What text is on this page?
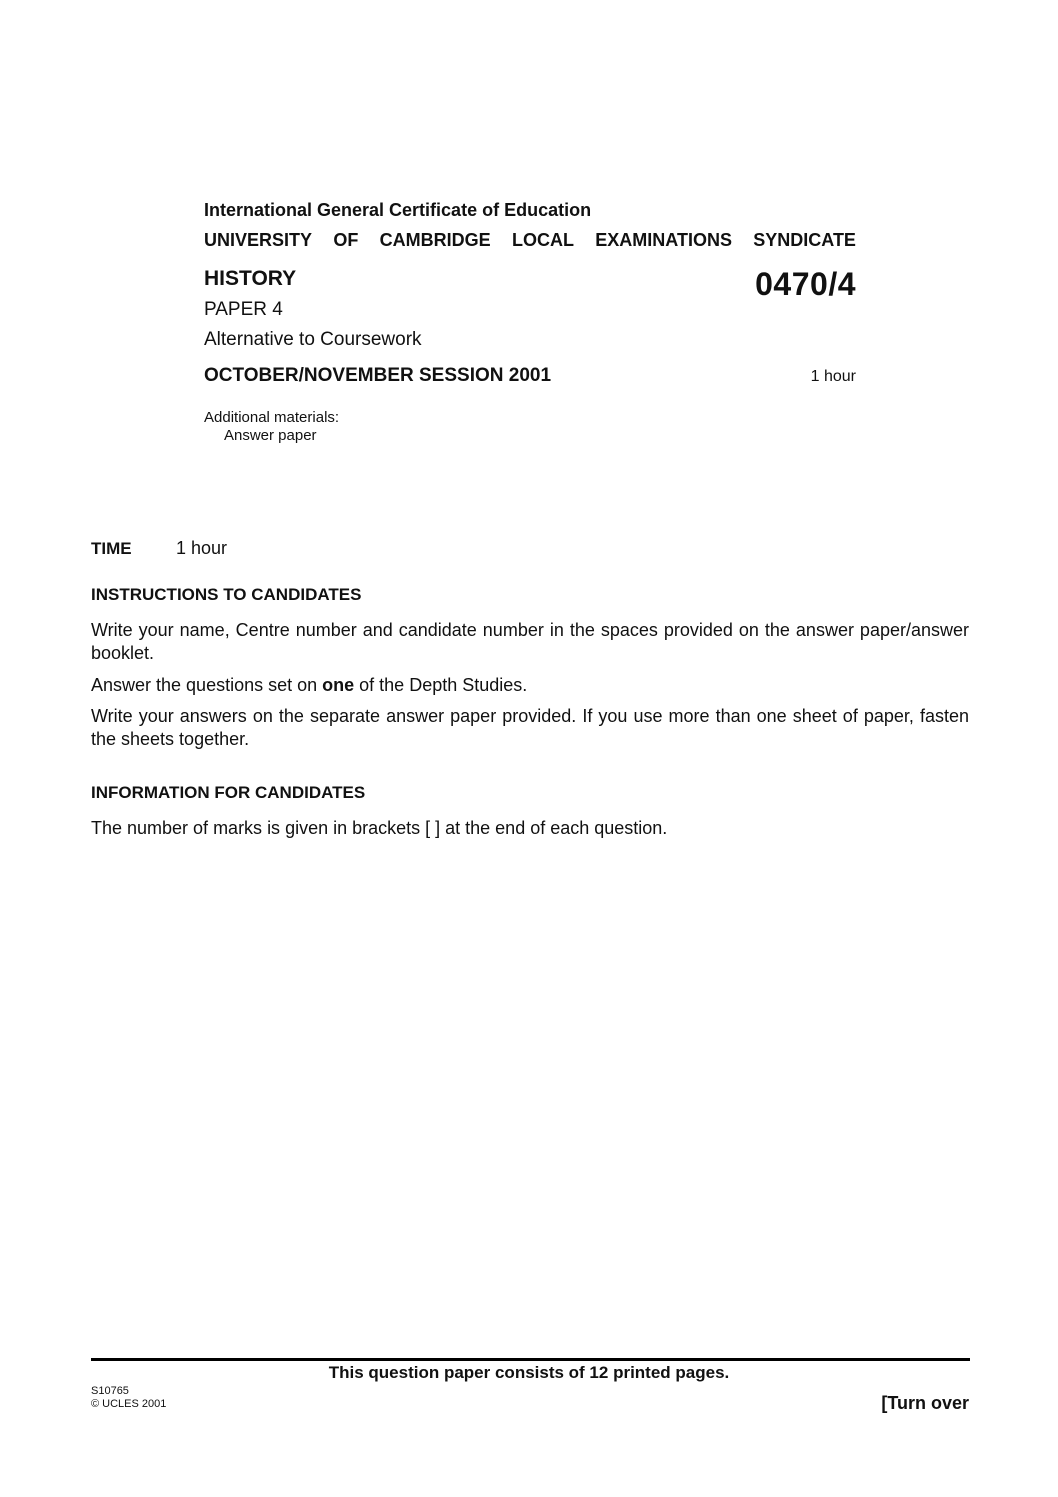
International General Certificate of Education
UNIVERSITY OF CAMBRIDGE LOCAL EXAMINATIONS SYNDICATE
HISTORY	0470/4
PAPER 4
Alternative to Coursework
OCTOBER/NOVEMBER SESSION 2001	1 hour
Additional materials:
Answer paper
TIME 1 hour
INSTRUCTIONS TO CANDIDATES

Write your name, Centre number and candidate number in the spaces provided on the answer paper/answer booklet.

Answer the questions set on one of the Depth Studies.

Write your answers on the separate answer paper provided. If you use more than one sheet of paper, fasten the sheets together.

INFORMATION FOR CANDIDATES

The number of marks is given in brackets [ ] at the end of each question.

This question paper consists of 12 printed pages.
S10765
© UCLES 2001	[Turn over
